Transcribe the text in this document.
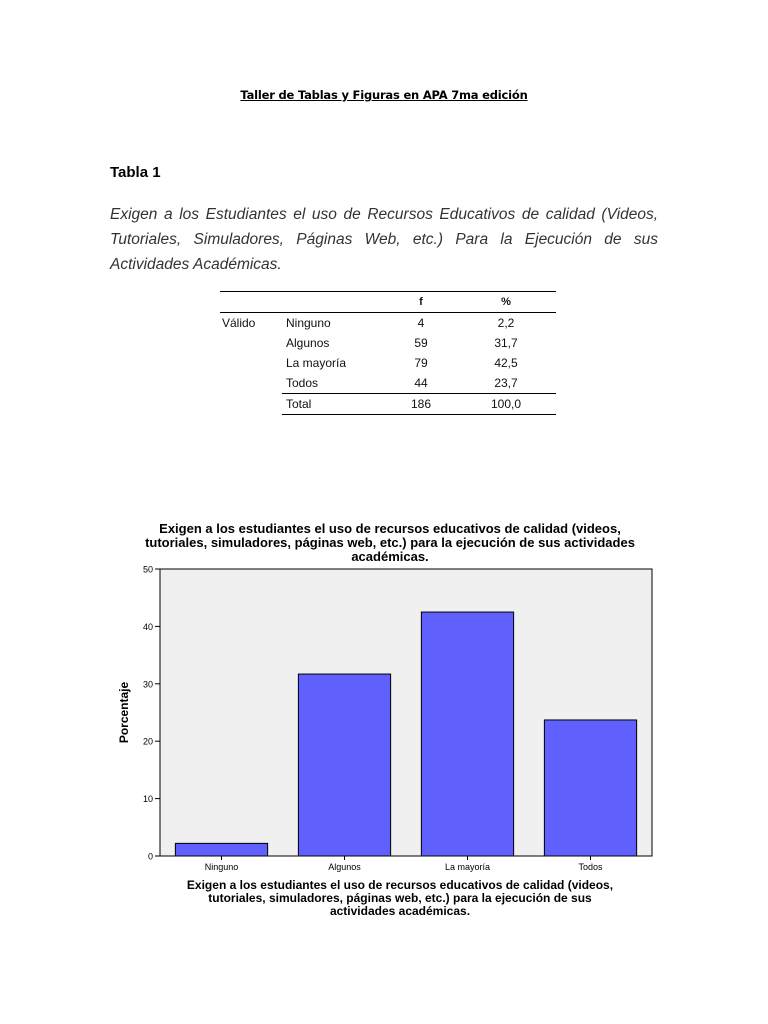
Taller de Tablas y Figuras en APA 7ma edición
Tabla 1
Exigen a los Estudiantes el uso de Recursos Educativos de calidad (Videos, Tutoriales, Simuladores, Páginas Web, etc.) Para la Ejecución de sus Actividades Académicas.
		f	%
Válido	Ninguno	4	2,2
	Algunos	59	31,7
	La mayoría	79	42,5
	Todos	44	23,7
	Total	186	100,0
Exigen a los estudiantes el uso de recursos educativos de calidad (videos,
tutoriales, simuladores, páginas web, etc.) para la ejecución de sus actividades
académicas.
0
10
20
30
40
50
Porcentaje
Ninguno	Algunos	La mayoría	Todos
Exigen a los estudiantes el uso de recursos educativos de calidad (videos,
tutoriales, simuladores, páginas web, etc.) para la ejecución de sus
actividades académicas.
